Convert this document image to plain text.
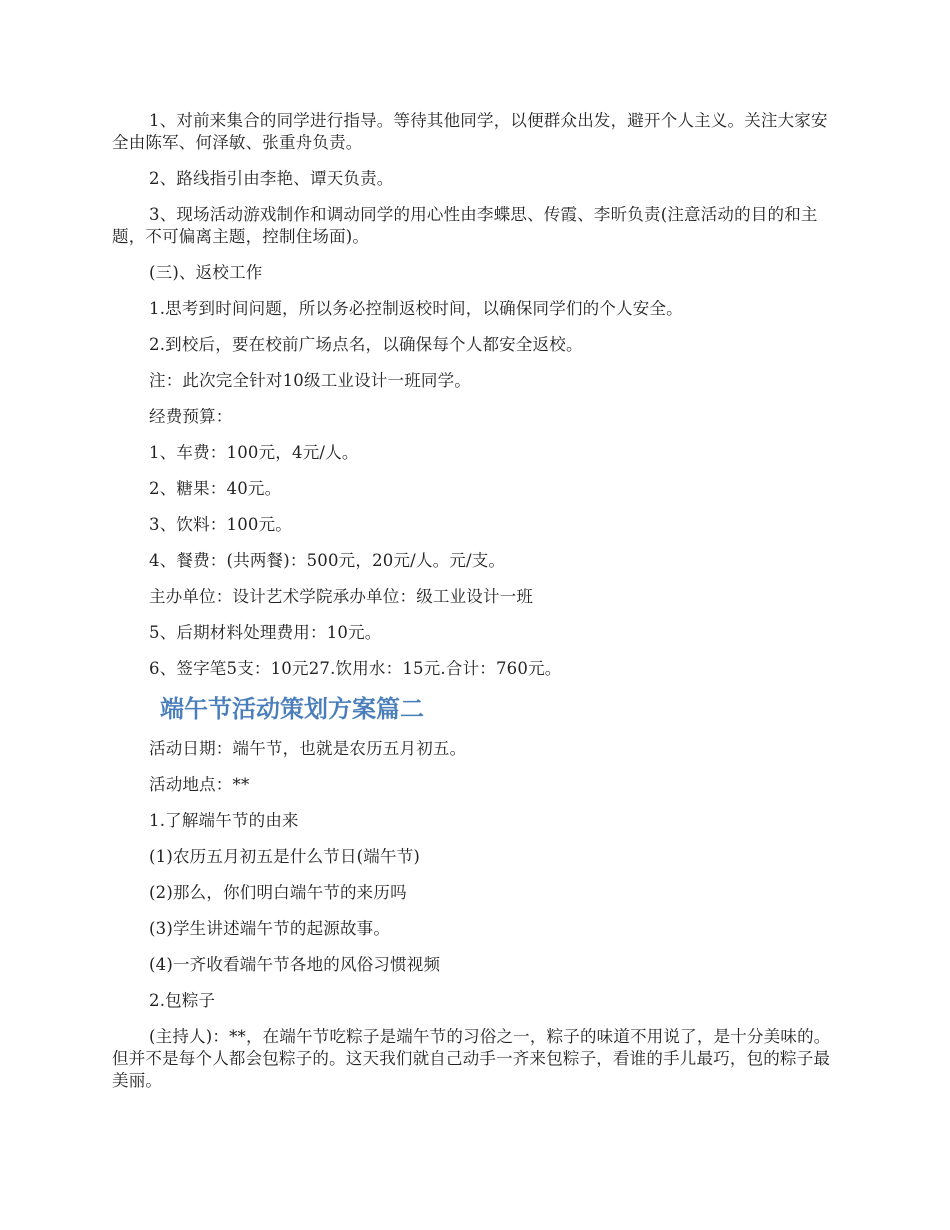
1、对前来集合的同学进行指导。等待其他同学，以便群众出发，避开个人主义。关注大家安全由陈军、何泽敏、张重舟负责。

2、路线指引由李艳、谭天负责。

3、现场活动游戏制作和调动同学的用心性由李蝶思、传霞、李昕负责(注意活动的目的和主题，不可偏离主题，控制住场面)。

(三)、返校工作

1.思考到时间问题，所以务必控制返校时间，以确保同学们的个人安全。

2.到校后，要在校前广场点名，以确保每个人都安全返校。

注：此次完全针对10级工业设计一班同学。

经费预算：

1、车费：100元，4元/人。

2、糖果：40元。

3、饮料：100元。

4、餐费：(共两餐)：500元，20元/人。元/支。

主办单位：设计艺术学院承办单位：级工业设计一班

5、后期材料处理费用：10元。

6、签字笔5支：10元27.饮用水：15元.合计：760元。

端午节活动策划方案篇二

活动日期：端午节，也就是农历五月初五。

活动地点：**

1.了解端午节的由来

(1)农历五月初五是什么节日(端午节)

(2)那么，你们明白端午节的来历吗

(3)学生讲述端午节的起源故事。

(4)一齐收看端午节各地的风俗习惯视频

2.包粽子

(主持人)：**，在端午节吃粽子是端午节的习俗之一，粽子的味道不用说了，是十分美味的。但并不是每个人都会包粽子的。这天我们就自己动手一齐来包粽子，看谁的手儿最巧，包的粽子最美丽。
